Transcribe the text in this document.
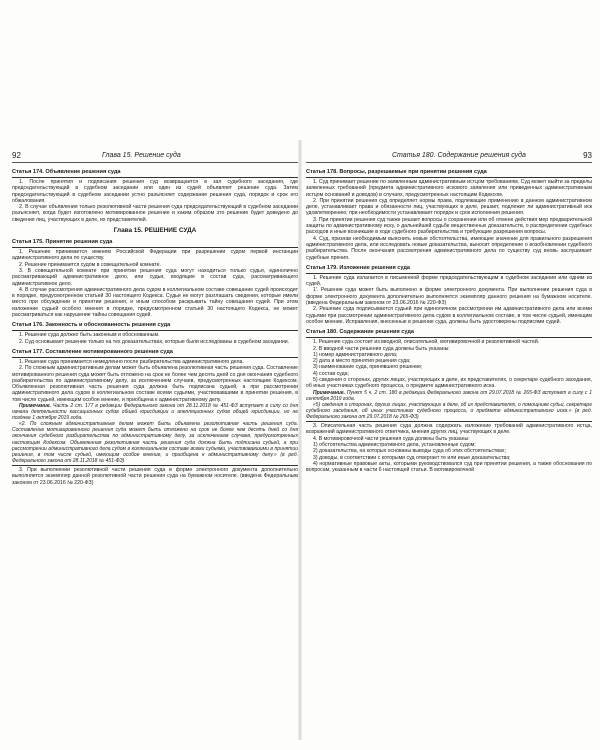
92	Глава 15. Решение суда
Статья 174. Объявление решения суда

1. После принятия и подписания решения суд возвращается в зал судебного заседания, где председательствующий в судебном заседании или один из судей объявляет решение суда. Затем председательствующий в судебном заседании устно разъясняет содержание решения суда, порядок и срок его обжалования.

2. В случае объявления только резолютивной части решения суда председательствующий в судебном заседании разъясняет, когда будет изготовлено мотивированное решение и каким образом это решение будет доведено до сведения лиц, участвующих в деле, их представителей.

Глава 15. РЕШЕНИЕ СУДА
Статья 175. Принятие решения суда

1. Решение принимается именем Российской Федерации при разрешении судом первой инстанции административного дела по существу.

2. Решение принимается судом в совещательной комнате.

3. В совещательной комнате при принятии решения суда могут находиться только судья, единолично рассматривающий административное дело, или судьи, входящие в состав суда, рассматривающего административное дело.

4. В случае рассмотрения административного дела судом в коллегиальном составе совещание судей происходит в порядке, предусмотренном статьей 30 настоящего Кодекса. Судьи не могут разглашать сведения, которые имели место при обсуждении и принятии решения, и иным способом раскрывать тайну совещания судей. При этом изложение судьей особого мнения в порядке, предусмотренном статьей 30 настоящего Кодекса, не может рассматриваться как нарушение тайны совещания судей.

Статья 176. Законность и обоснованность решения суда

1. Решение суда должно быть законным и обоснованным.

2. Суд основывает решение только на тех доказательствах, которые были исследованы в судебном заседании.

Статья 177. Составление мотивированного решения суда

1. Решение суда принимается немедленно после разбирательства административного дела.

2. По сложным административным делам может быть объявлена резолютивная часть решения суда. Составление мотивированного решения суда может быть отложено на срок не более чем десять дней со дня окончания судебного разбирательства по административному делу, за исключением случаев, предусмотренных настоящим Кодексом. Объявленная резолютивная часть решения суда должна быть подписана судьей, а при рассмотрении административного дела судом в коллегиальном составе всеми судьями, участвовавшими в принятии решения, в том числе судьей, имеющим особое мнение, и приобщена к административному делу.

Примечание. Часть 2 ст. 177 в редакции Федерального закона от 28.11.2018 № 451-ФЗ вступает в силу со дня начала деятельности кассационных судов общей юрисдикции и апелляционных судов общей юрисдикции, но не позднее 1 октября 2019 года.

«2. По сложным административным делам может быть объявлена резолютивная часть решения суда. Составление мотивированного решения суда может быть отложено на срок не более чем десять дней со дня окончания судебного разбирательства по административному делу, за исключением случаев, предусмотренных настоящим Кодексом. Объявленная резолютивная часть решения суда должна быть подписана судьей, а при рассмотрении административного дела судом в коллегиальном составе всеми судьями, участвовавшими в принятии решения, в том числе судьей, имеющим особое мнение, и приобщена к административному делу.» (в ред. Федерального закона от 28.11.2018 № 451-ФЗ)

3. При выполнении резолютивной части решения суда в форме электронного документа дополнительно выполняется экземпляр данной резолютивной части решения суда на бумажном носителе. (введена Федеральным законом от 23.06.2016 № 220-ФЗ)

Статья 180. Содержание решения суда	93
Статья 178. Вопросы, разрешаемые при принятии решения суда

1. Суд принимает решение по заявленным административным истцом требованиям. Суд может выйти за пределы заявленных требований (предмета административного искового заявления или приведенных административным истцом оснований и доводов) в случаях, предусмотренных настоящим Кодексом.

2. При принятии решения суд определяет нормы права, подлежащие применению в данном административном деле, устанавливает права и обязанности лиц, участвующих в деле, решает, подлежит ли административный иск удовлетворению; при необходимости устанавливает порядок и срок исполнения решения.

3. При принятии решения суд также решает вопросы о сохранении или об отмене действия мер предварительной защиты по административному иску, о дальнейшей судьбе вещественных доказательств, о распределении судебных расходов и иные возникшие в ходе судебного разбирательства и требующие разрешения вопросы.

4. Суд, признав необходимым выяснить новые обстоятельства, имеющие значение для правильного разрешения административного дела, или исследовать новые доказательства, выносит определение о возобновлении судебного разбирательства. После окончания рассмотрения административного дела по существу суд вновь заслушивает судебные прения.

Статья 179. Изложение решения суда

1. Решение суда излагается в письменной форме председательствующим в судебном заседании или одним из судей.

1'. Решение суда может быть выполнено в форме электронного документа. При выполнении решения суда в форме электронного документа дополнительно выполняется экземпляр данного решения на бумажном носителе. (введена Федеральным законом от 23.06.2016 № 220-ФЗ)

2. Решение суда подписывается судьей при единоличном рассмотрении им административного дела или всеми судьями при рассмотрении административного дела судом в коллегиальном составе, в том числе судьей, имеющим особое мнение. Исправления, внесенные в решение суда, должны быть удостоверены подписями судей.

Статья 180. Содержание решения суда

1. Решение суда состоит из вводной, описательной, мотивировочной и резолютивной частей.

2. В вводной части решения суда должны быть указаны:

1) номер административного дела;

2) дата и место принятия решения суда;

3) наименование суда, принявшего решение;

4) состав суда;

5) сведения о сторонах, других лицах, участвующих в деле, их представителях, о секретаре судебного заседания, об иных участниках судебного процесса, о предмете административного иска.

Примечание. Пункт 5 ч. 2 ст. 180 в редакции Федерального закона от 29.07.2018 № 265-ФЗ вступает в силу с 1 сентября 2019 года.

«5) сведения о сторонах, других лицах, участвующих в деле, об их представителях, о помощнике судьи, секретаре судебного заседания, об иных участниках судебного процесса, о предмете административного иска.» (в ред. Федерального закона от 29.07.2018 № 265-ФЗ)

3. Описательная часть решения суда должна содержать изложение требований административного истца, возражений административного ответчика, мнения других лиц, участвующих в деле.

4. В мотивировочной части решения суда должны быть указаны:

1) обстоятельства административного дела, установленные судом;

2) доказательства, на которых основаны выводы суда об этих обстоятельствах;

3) доводы, в соответствии с которыми суд отвергает те или иные доказательства;

4) нормативные правовые акты, которыми руководствовался суд при принятии решения, а также обоснования по вопросам, указанным в части 6 настоящей статьи. В мотивировочной
